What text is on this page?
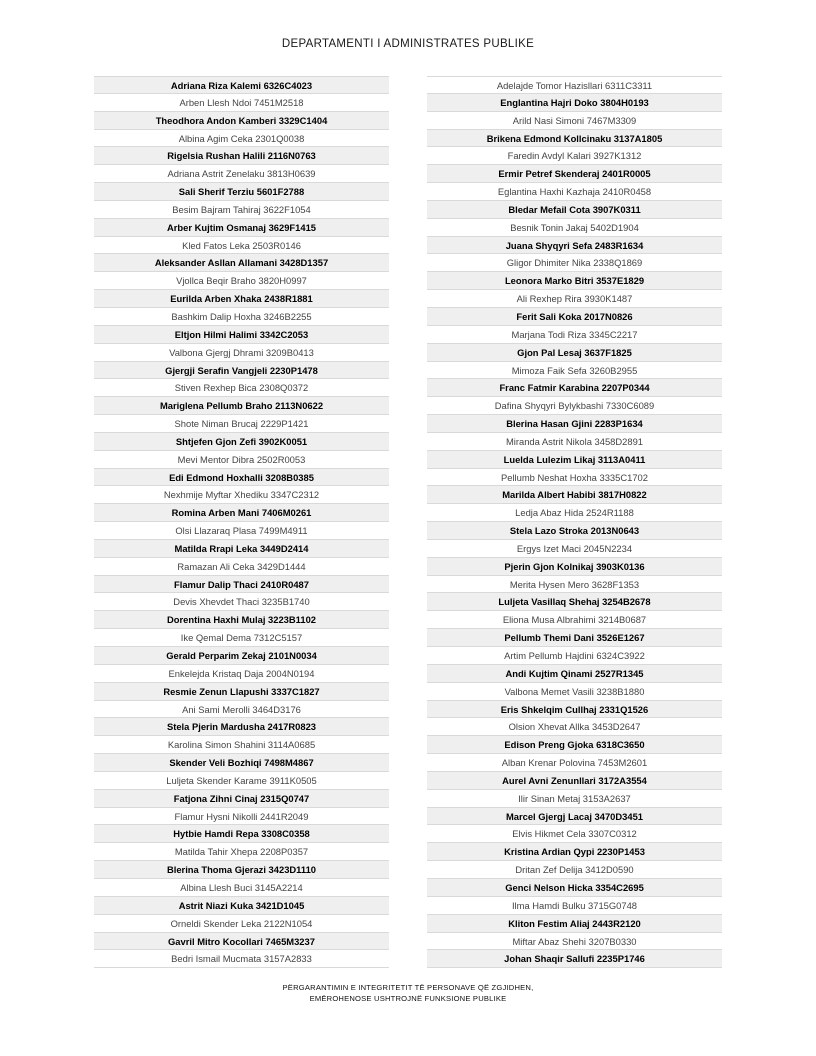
DEPARTAMENTI I ADMINISTRATES PUBLIKE
Adriana Riza Kalemi 6326C4023
Arben Llesh Ndoi 7451M2518
Theodhora Andon Kamberi 3329C1404
Albina Agim Ceka 2301Q0038
Rigelsia Rushan Halili 2116N0763
Adriana Astrit Zenelaku 3813H0639
Sali Sherif Terziu 5601F2788
Besim Bajram Tahiraj 3622F1054
Arber Kujtim Osmanaj 3629F1415
Kled Fatos Leka 2503R0146
Aleksander Asllan Allamani 3428D1357
Vjollca Beqir Braho 3820H0997
Eurilda Arben Xhaka 2438R1881
Bashkim Dalip Hoxha 3246B2255
Eltjon Hilmi Halimi 3342C2053
Valbona Gjergj Dhrami 3209B0413
Gjergji Serafin Vangjeli 2230P1478
Stiven Rexhep Bica 2308Q0372
Mariglena Pellumb Braho 2113N0622
Shote Niman Brucaj 2229P1421
Shtjefen Gjon Zefi 3902K0051
Mevi Mentor Dibra 2502R0053
Edi Edmond Hoxhalli 3208B0385
Nexhmije Myftar Xhediku 3347C2312
Romina Arben Mani 7406M0261
Olsi Llazaraq Plasa 7499M4911
Matilda Rrapi Leka 3449D2414
Ramazan Ali Ceka 3429D1444
Flamur Dalip Thaci 2410R0487
Devis Xhevdet Thaci 3235B1740
Dorentina Haxhi Mulaj 3223B1102
Ike Qemal Dema 7312C5157
Gerald Perparim Zekaj 2101N0034
Enkelejda Kristaq Daja 2004N0194
Resmie Zenun Llapushi 3337C1827
Ani Sami Merolli 3464D3176
Stela Pjerin Mardusha 2417R0823
Karolina Simon Shahini 3114A0685
Skender Veli Bozhiqi 7498M4867
Luljeta Skender Karame 3911K0505
Fatjona Zihni Cinaj 2315Q0747
Flamur Hysni Nikolli 2441R2049
Hytbie Hamdi Repa 3308C0358
Matilda Tahir Xhepa 2208P0357
Blerina Thoma Gjerazi 3423D1110
Albina Llesh Buci 3145A2214
Astrit Niazi Kuka 3421D1045
Orneldi Skender Leka 2122N1054
Gavril Mitro Kocollari 7465M3237
Bedri Ismail Mucmata 3157A2833
Adelajde Tomor Hazisllari 6311C3311
Englantina Hajri Doko 3804H0193
Arild Nasi Simoni 7467M3309
Brikena Edmond Kollcinaku 3137A1805
Faredin Avdyl Kalari 3927K1312
Ermir Petref Skenderaj 2401R0005
Eglantina Haxhi Kazhaja 2410R0458
Bledar Mefail Cota 3907K0311
Besnik Tonin Jakaj 5402D1904
Juana Shyqyri Sefa 2483R1634
Gligor Dhimiter Nika 2338Q1869
Leonora Marko Bitri 3537E1829
Ali Rexhep Rira 3930K1487
Ferit Sali Koka 2017N0826
Marjana Todi Riza 3345C2217
Gjon Pal Lesaj 3637F1825
Mimoza Faik Sefa 3260B2955
Franc Fatmir Karabina 2207P0344
Dafina Shyqyri Bylykbashi 7330C6089
Blerina Hasan Gjini 2283P1634
Miranda Astrit Nikola 3458D2891
Luelda Lulezim Likaj 3113A0411
Pellumb Neshat Hoxha 3335C1702
Marilda Albert Habibi 3817H0822
Ledja Abaz Hida 2524R1188
Stela Lazo Stroka 2013N0643
Ergys Izet Maci 2045N2234
Pjerin Gjon Kolnikaj 3903K0136
Merita Hysen Mero 3628F1353
Luljeta Vasillaq Shehaj 3254B2678
Eliona Musa Albrahimi 3214B0687
Pellumb Themi Dani 3526E1267
Artim Pellumb Hajdini 6324C3922
Andi Kujtim Qinami 2527R1345
Valbona Memet Vasili 3238B1880
Eris Shkelqim Cullhaj 2331Q1526
Olsion Xhevat Allka 3453D2647
Edison Preng Gjoka 6318C3650
Alban Krenar Polovina 7453M2601
Aurel Avni Zenunllari 3172A3554
Ilir Sinan Metaj 3153A2637
Marcel Gjergj Lacaj 3470D3451
Elvis Hikmet Cela 3307C0312
Kristina Ardian Qypi 2230P1453
Dritan Zef Delija 3412D0590
Genci Nelson Hicka 3354C2695
Ilma Hamdi Bulku 3715G0748
Kliton Festim Aliaj 2443R2120
Miftar Abaz Shehi 3207B0330
Johan Shaqir Sallufi 2235P1746
PËRGARANTIMIN E INTEGRITETIT TË PERSONAVE QË ZGJIDHEN,
EMËROHENOSE USHTROJNË FUNKSIONE PUBLIKE
